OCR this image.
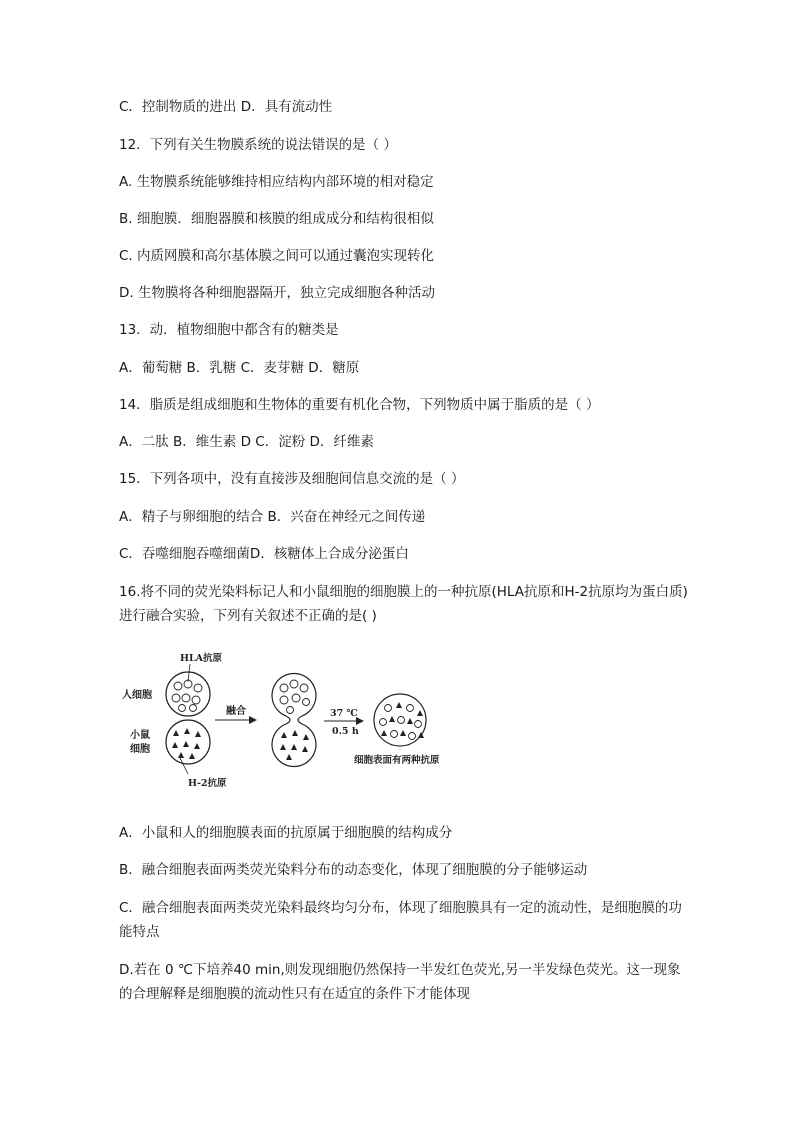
C．控制物质的进出 D．具有流动性
12．下列有关生物膜系统的说法错误的是（ ）
A. 生物膜系统能够维持相应结构内部环境的相对稳定
B. 细胞膜．细胞器膜和核膜的组成成分和结构很相似
C. 内质网膜和高尔基体膜之间可以通过囊泡实现转化
D. 生物膜将各种细胞器隔开，独立完成细胞各种活动
13．动．植物细胞中都含有的糖类是
A．葡萄糖 B．乳糖 C．麦芽糖 D．糖原
14．脂质是组成细胞和生物体的重要有机化合物，下列物质中属于脂质的是（ ）
A．二肽 B．维生素 D C．淀粉 D．纤维素
15．下列各项中，没有直接涉及细胞间信息交流的是（ ）
A．精子与卵细胞的结合 B．兴奋在神经元之间传递
C．吞噬细胞吞噬细菌D．核糖体上合成分泌蛋白
16.将不同的荧光染料标记人和小鼠细胞的细胞膜上的一种抗原(HLA抗原和H-2抗原均为蛋白质)进行融合实验，下列有关叙述不正确的是( )
HLA抗原
人细胞
小鼠
细胞
H-2抗原
融合	37 ℃
0.5 h
细胞表面有两种抗原
A．小鼠和人的细胞膜表面的抗原属于细胞膜的结构成分
B．融合细胞表面两类荧光染料分布的动态变化，体现了细胞膜的分子能够运动
C．融合细胞表面两类荧光染料最终均匀分布，体现了细胞膜具有一定的流动性，是细胞膜的功能特点
D.若在 0 ℃下培养40 min,则发现细胞仍然保持一半发红色荧光,另一半发绿色荧光。这一现象的合理解释是细胞膜的流动性只有在适宜的条件下才能体现
